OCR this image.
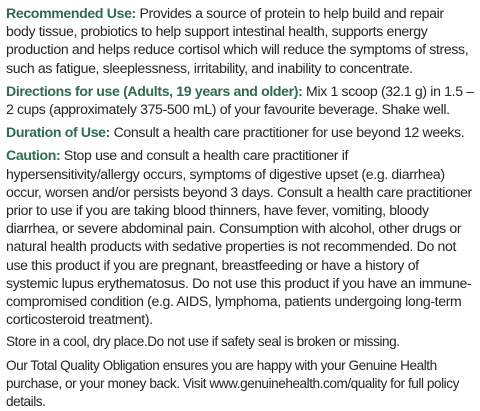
Recommended Use: Provides a source of protein to help build and repair body tissue, probiotics to help support intestinal health, supports energy production and helps reduce cortisol which will reduce the symptoms of stress, such as fatigue, sleeplessness, irritability, and inability to concentrate.

Directions for use (Adults, 19 years and older): Mix 1 scoop (32.1 g) in 1.5 – 2 cups (approximately 375-500 mL) of your favourite beverage. Shake well.

Duration of Use: Consult a health care practitioner for use beyond 12 weeks.

Caution: Stop use and consult a health care practitioner if hypersensitivity/allergy occurs, symptoms of digestive upset (e.g. diarrhea) occur, worsen and/or persists beyond 3 days. Consult a health care practitioner prior to use if you are taking blood thinners, have fever, vomiting, bloody diarrhea, or severe abdominal pain. Consumption with alcohol, other drugs or natural health products with sedative properties is not recommended. Do not use this product if you are pregnant, breastfeeding or have a history of systemic lupus erythematosus. Do not use this product if you have an immune-compromised condition (e.g. AIDS, lymphoma, patients undergoing long-term corticosteroid treatment).

Store in a cool, dry place.Do not use if safety seal is broken or missing.

Our Total Quality Obligation ensures you are happy with your Genuine Health purchase, or your money back. Visit www.genuinehealth.com/quality for full policy details.
